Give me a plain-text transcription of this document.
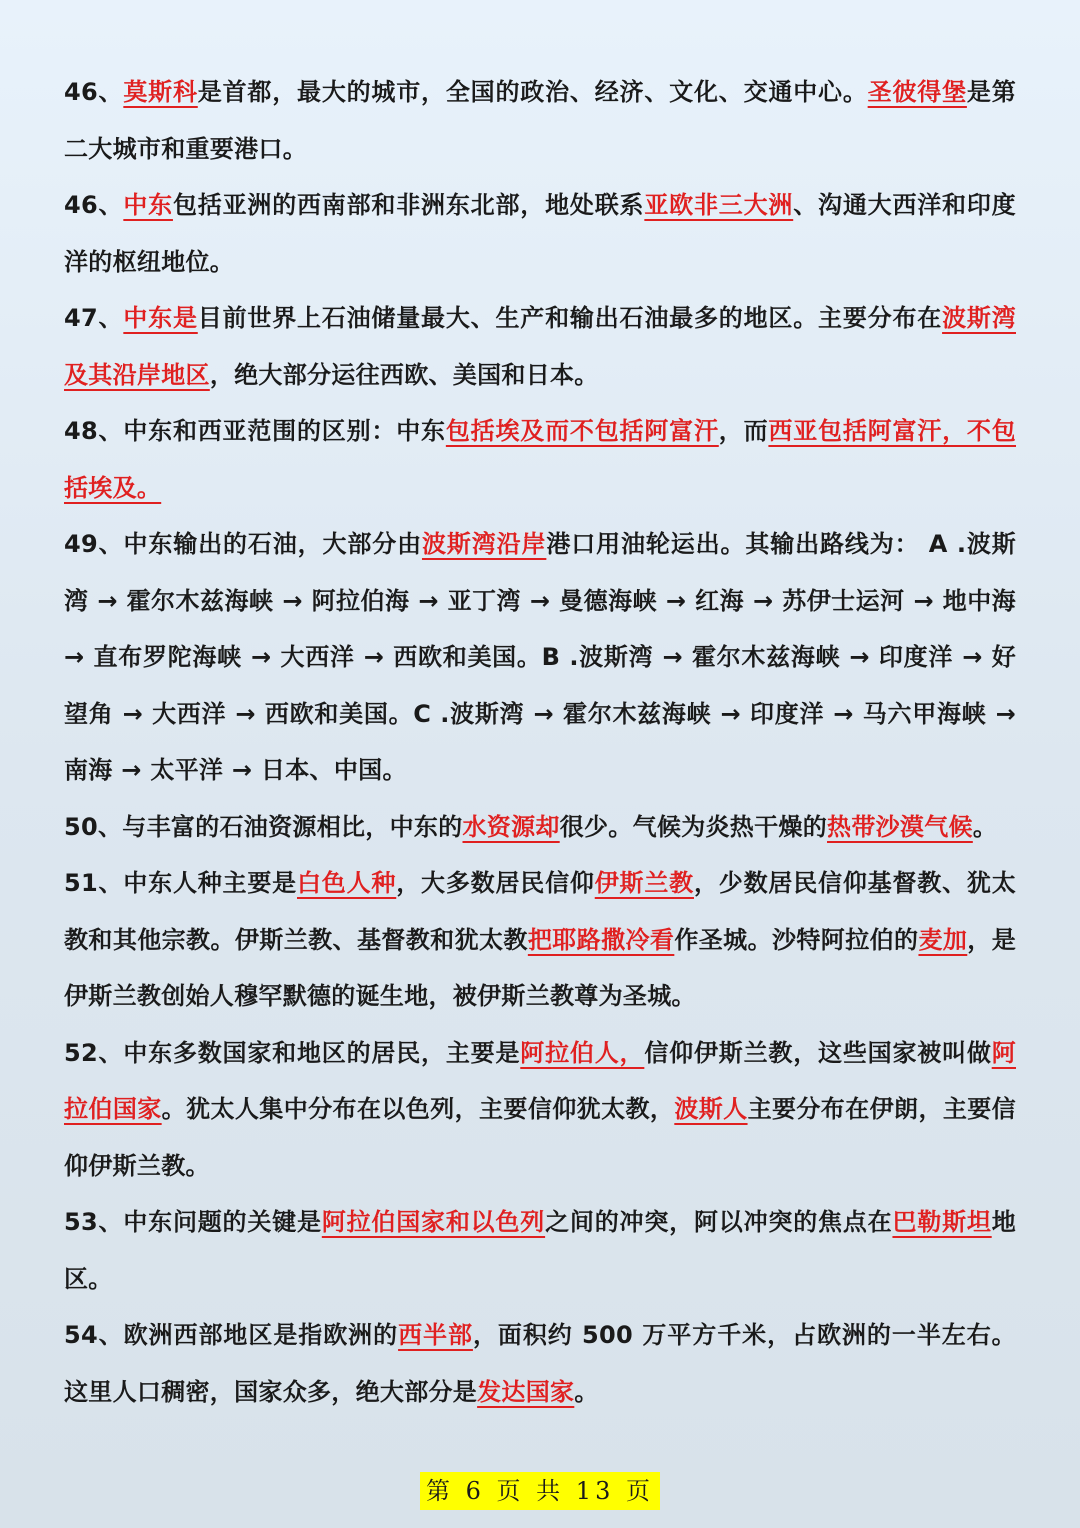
46、莫斯科是首都，最大的城市，全国的政治、经济、文化、交通中心。圣彼得堡是第二大城市和重要港口。

46、中东包括亚洲的西南部和非洲东北部，地处联系亚欧非三大洲、沟通大西洋和印度洋的枢纽地位。

47、中东是目前世界上石油储量最大、生产和输出石油最多的地区。主要分布在波斯湾及其沿岸地区，绝大部分运往西欧、美国和日本。

48、中东和西亚范围的区别：中东包括埃及而不包括阿富汗，而西亚包括阿富汗，不包括埃及。

49、中东输出的石油，大部分由波斯湾沿岸港口用油轮运出。其输出路线为： A .波斯湾 → 霍尔木兹海峡 → 阿拉伯海 → 亚丁湾 → 曼德海峡 → 红海 → 苏伊士运河 → 地中海 → 直布罗陀海峡 → 大西洋 → 西欧和美国。B .波斯湾 → 霍尔木兹海峡 → 印度洋 → 好望角 → 大西洋 → 西欧和美国。C .波斯湾 → 霍尔木兹海峡 → 印度洋 → 马六甲海峡 → 南海 → 太平洋 → 日本、中国。

50、与丰富的石油资源相比，中东的水资源却很少。气候为炎热干燥的热带沙漠气候。

51、中东人种主要是白色人种，大多数居民信仰伊斯兰教，少数居民信仰基督教、犹太教和其他宗教。伊斯兰教、基督教和犹太教把耶路撒冷看作圣城。沙特阿拉伯的麦加，是伊斯兰教创始人穆罕默德的诞生地，被伊斯兰教尊为圣城。

52、中东多数国家和地区的居民，主要是阿拉伯人，信仰伊斯兰教，这些国家被叫做阿拉伯国家。犹太人集中分布在以色列，主要信仰犹太教，波斯人主要分布在伊朗，主要信仰伊斯兰教。

53、中东问题的关键是阿拉伯国家和以色列之间的冲突，阿以冲突的焦点在巴勒斯坦地区。

54、欧洲西部地区是指欧洲的西半部，面积约 500 万平方千米，占欧洲的一半左右。这里人口稠密，国家众多，绝大部分是发达国家。

第 6 页 共 13 页
